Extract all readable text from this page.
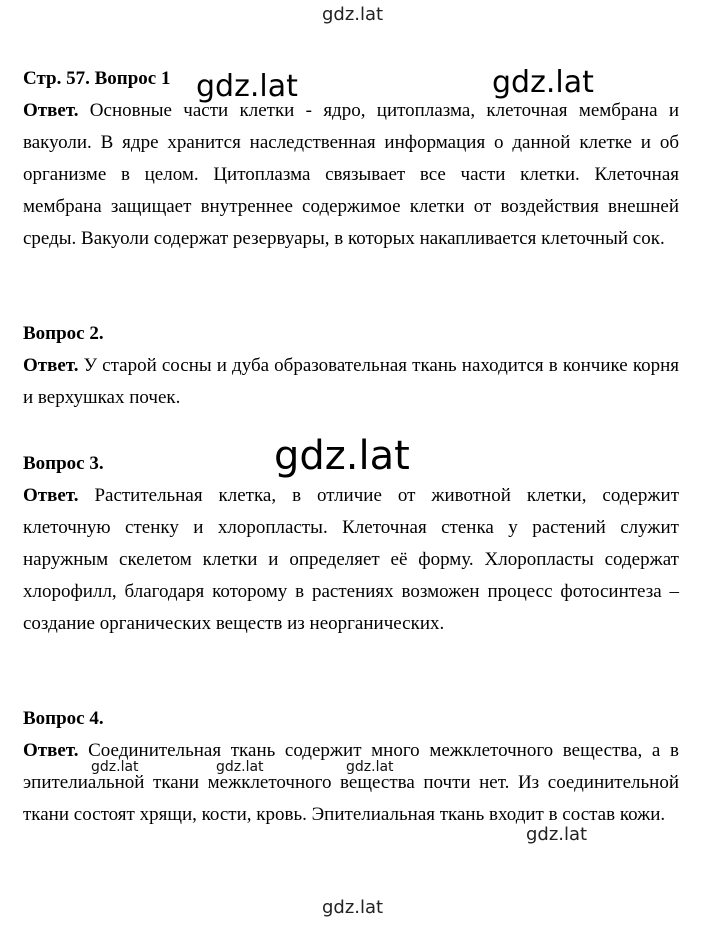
Стр. 57. Вопрос 1

Ответ. Основные части клетки - ядро, цитоплазма, клеточная мембрана и вакуоли. В ядре хранится наследственная информация о данной клетке и об организме в целом. Цитоплазма связывает все части клетки. Клеточная мембрана защищает внутреннее содержимое клетки от воздействия внешней среды. Вакуоли содержат резервуары, в которых накапливается клеточный сок.

Вопрос 2.

Ответ. У старой сосны и дуба образовательная ткань находится в кончике корня и верхушках почек.

Вопрос 3.

Ответ. Растительная клетка, в отличие от животной клетки, содержит клеточную стенку и хлоропласты. Клеточная стенка у растений служит наружным скелетом клетки и определяет её форму. Хлоропласты содержат хлорофилл, благодаря которому в растениях возможен процесс фотосинтеза – создание органических веществ из неорганических.

Вопрос 4.

Ответ. Соединительная ткань содержит много межклеточного вещества, а в эпителиальной ткани межклеточного вещества почти нет. Из соединительной ткани состоят хрящи, кости, кровь. Эпителиальная ткань входит в состав кожи.

gdz.lat
gdz.lat	gdz.lat
gdz.lat
gdz.lat	gdz.lat	gdz.lat
gdz.lat
gdz.lat
